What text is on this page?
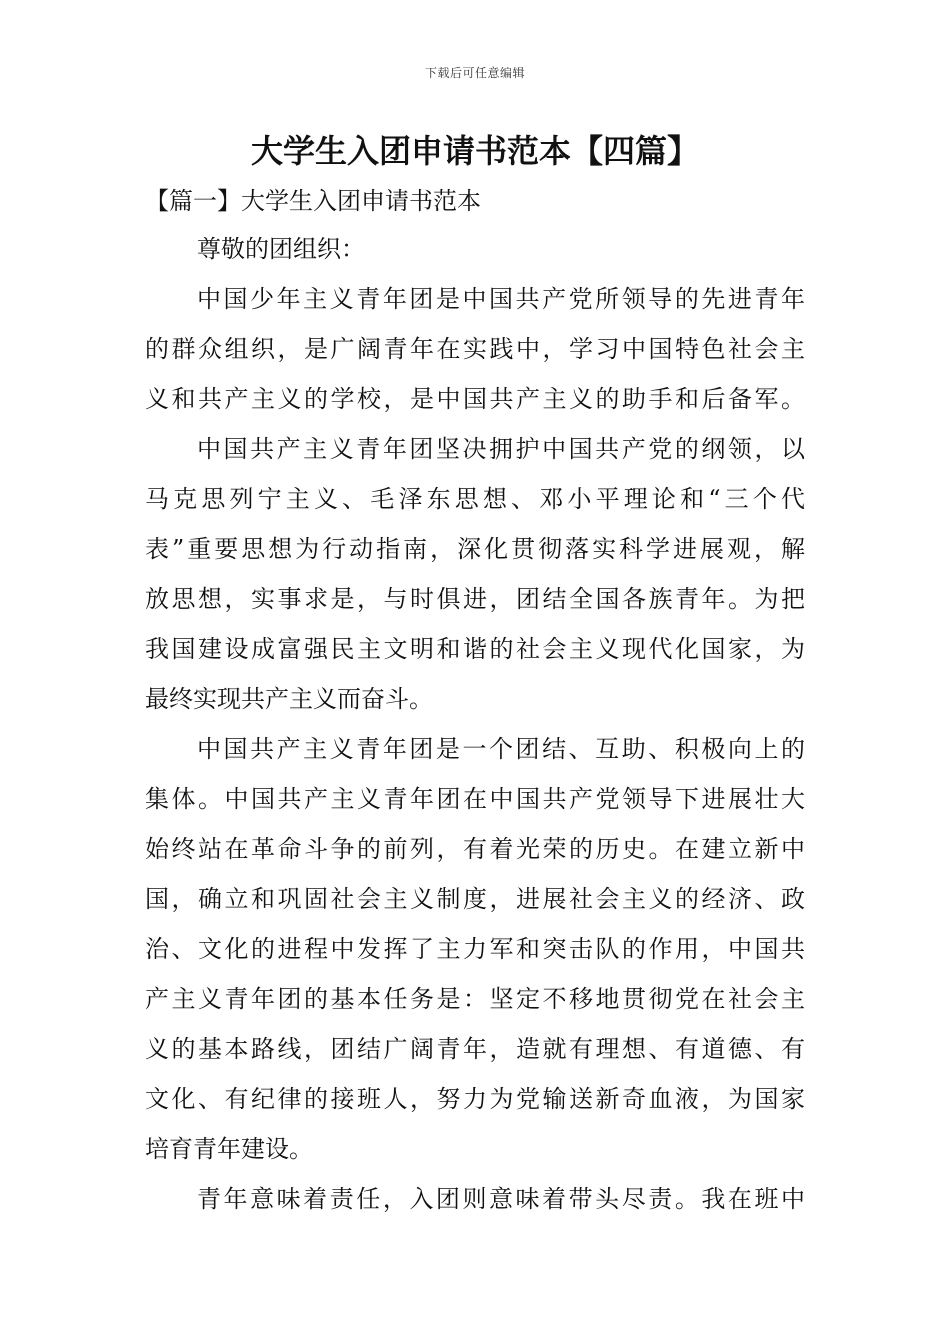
下载后可任意编辑
大学生入团申请书范本【四篇】
【篇一】大学生入团申请书范本

尊敬的团组织：

中国少年主义青年团是中国共产党所领导的先进青年

的群众组织，是广阔青年在实践中，学习中国特色社会主

义和共产主义的学校，是中国共产主义的助手和后备军。

中国共产主义青年团坚决拥护中国共产党的纲领，以

马克思列宁主义、毛泽东思想、邓小平理论和“三个代

表”重要思想为行动指南，深化贯彻落实科学进展观，解

放思想，实事求是，与时俱进，团结全国各族青年。为把

我国建设成富强民主文明和谐的社会主义现代化国家，为

最终实现共产主义而奋斗。

中国共产主义青年团是一个团结、互助、积极向上的

集体。中国共产主义青年团在中国共产党领导下进展壮大

始终站在革命斗争的前列，有着光荣的历史。在建立新中

国，确立和巩固社会主义制度，进展社会主义的经济、政

治、文化的进程中发挥了主力军和突击队的作用，中国共

产主义青年团的基本任务是：坚定不移地贯彻党在社会主

义的基本路线，团结广阔青年，造就有理想、有道德、有

文化、有纪律的接班人，努力为党输送新奇血液，为国家

培育青年建设。

青年意味着责任，入团则意味着带头尽责。我在班中
